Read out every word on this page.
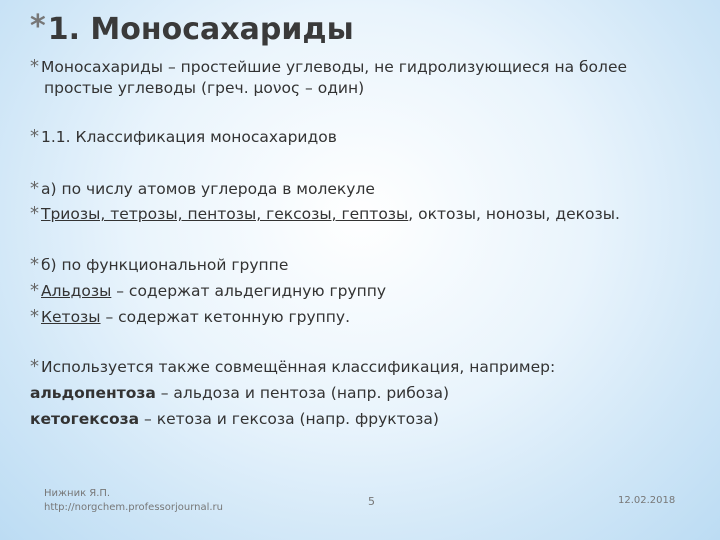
*1. Моносахариды
* Моносахариды – простейшие углеводы, не гидролизующиеся на более
простые углеводы (греч. μονος – один)
* 1.1. Классификация моносахаридов
* а) по числу атомов углерода в молекуле
* Триозы, тетрозы, пентозы, гексозы, гептозы, октозы, нонозы, декозы.
* б) по функциональной группе
* Альдозы – содержат альдегидную группу
* Кетозы – содержат кетонную группу.
* Используется также совмещённая классификация, например:
альдопентоза – альдоза и пентоза (напр. рибоза)
кетогексоза – кетоза и гексоза (напр. фруктоза)
Нижник Я.П.
http://norgchem.professorjournal.ru	5	12.02.2018
